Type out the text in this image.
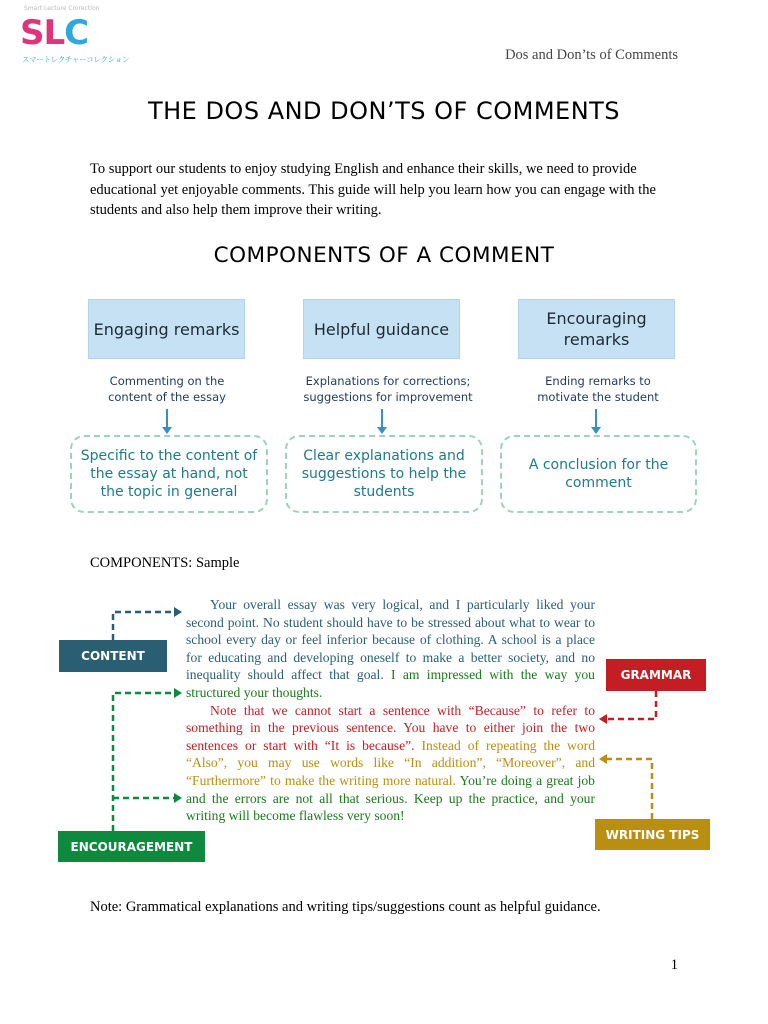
Smart Lecture Correction
SLC
スマートレクチャーコレクション	Dos and Don’ts of Comments
THE DOS AND DON’TS OF COMMENTS
To support our students to enjoy studying English and enhance their skills, we need to provide educational yet enjoyable comments. This guide will help you learn how you can engage with the students and also help them improve their writing.
COMPONENTS OF A COMMENT
Engaging remarks	Helpful guidance
Encouraging remarks
Commenting on the content of the essay
Explanations for corrections; suggestions for improvement
Ending remarks to motivate the student
Specific to the content of the essay at hand, not the topic in general
Clear explanations and suggestions to help the students
A conclusion for the comment
COMPONENTS: Sample
CONTENT
GRAMMAR
ENCOURAGEMENT
WRITING TIPS
Your overall essay was very logical, and I particularly liked your second point. No student should have to be stressed about what to wear to school every day or feel inferior because of clothing. A school is a place for educating and developing oneself to make a better society, and no inequality should affect that goal. I am impressed with the way you structured your thoughts.
Note that we cannot start a sentence with “Because” to refer to something in the previous sentence. You have to either join the two sentences or start with “It is because”. Instead of repeating the word “Also”, you may use words like “In addition”, “Moreover”, and “Furthermore” to make the writing more natural. You’re doing a great job and the errors are not all that serious. Keep up the practice, and your writing will become flawless very soon!
Note: Grammatical explanations and writing tips/suggestions count as helpful guidance.
1
